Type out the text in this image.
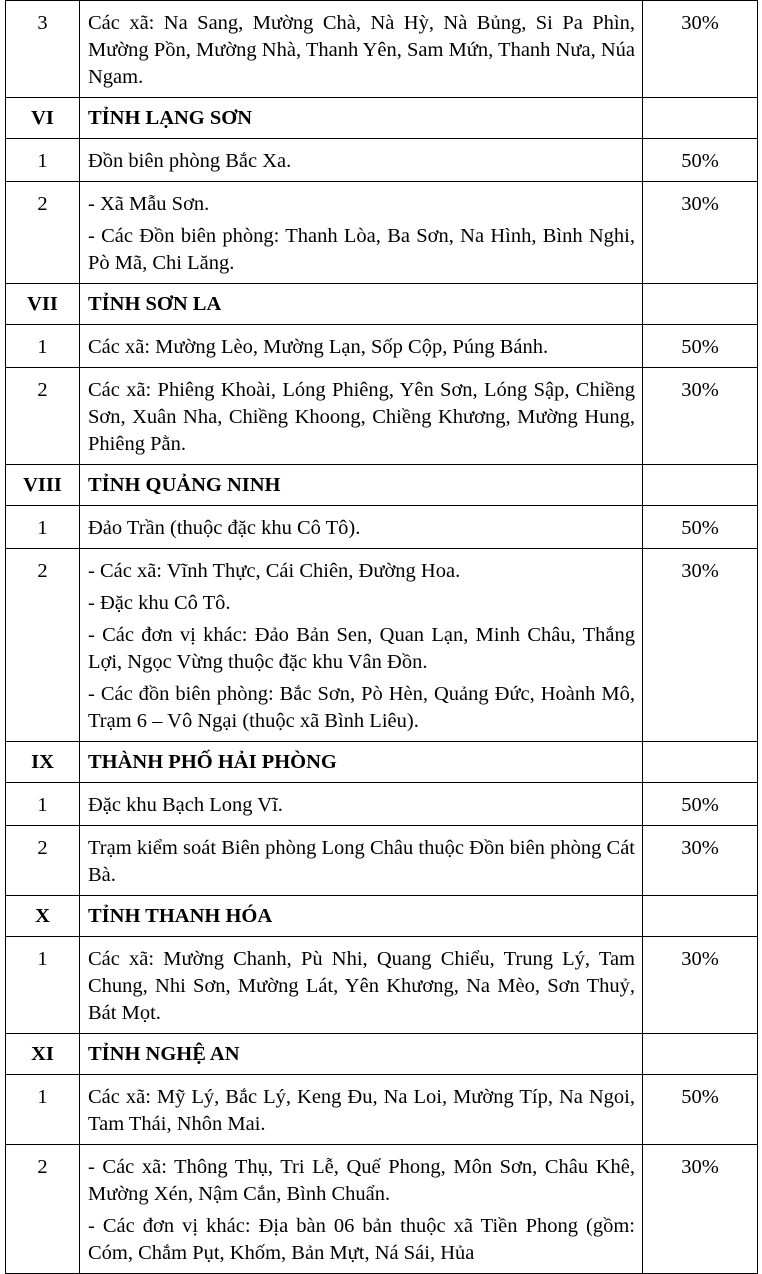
3	Các xã: Na Sang, Mường Chà, Nà Hỳ, Nà Bủng, Si Pa Phìn, Mường Pồn, Mường Nhà, Thanh Yên, Sam Mứn, Thanh Nưa, Núa Ngam.	30%
VI	TỈNH LẠNG SƠN	
1	Đồn biên phòng Bắc Xa.	50%
2	- Xã Mẫu Sơn.
- Các Đồn biên phòng: Thanh Lòa, Ba Sơn, Na Hình, Bình Nghi, Pò Mã, Chi Lăng.	30%
VII	TỈNH SƠN LA	
1	Các xã: Mường Lèo, Mường Lạn, Sốp Cộp, Púng Bánh.	50%
2	Các xã: Phiêng Khoài, Lóng Phiêng, Yên Sơn, Lóng Sập, Chiềng Sơn, Xuân Nha, Chiềng Khoong, Chiềng Khương, Mường Hung, Phiêng Pằn.	30%
VIII	TỈNH QUẢNG NINH	
1	Đảo Trần (thuộc đặc khu Cô Tô).	50%
2	- Các xã: Vĩnh Thực, Cái Chiên, Đường Hoa.
- Đặc khu Cô Tô.
- Các đơn vị khác: Đảo Bản Sen, Quan Lạn, Minh Châu, Thắng Lợi, Ngọc Vừng thuộc đặc khu Vân Đồn.
- Các đồn biên phòng: Bắc Sơn, Pò Hèn, Quảng Đức, Hoành Mô, Trạm 6 – Vô Ngại (thuộc xã Bình Liêu).	30%
IX	THÀNH PHỐ HẢI PHÒNG	
1	Đặc khu Bạch Long Vĩ.	50%
2	Trạm kiểm soát Biên phòng Long Châu thuộc Đồn biên phòng Cát Bà.	30%
X	TỈNH THANH HÓA	
1	Các xã: Mường Chanh, Pù Nhi, Quang Chiểu, Trung Lý, Tam Chung, Nhi Sơn, Mường Lát, Yên Khương, Na Mèo, Sơn Thuỷ, Bát Mọt.	30%
XI	TỈNH NGHỆ AN	
1	Các xã: Mỹ Lý, Bắc Lý, Keng Đu, Na Loi, Mường Típ, Na Ngoi, Tam Thái, Nhôn Mai.	50%
2	- Các xã: Thông Thụ, Tri Lễ, Quế Phong, Môn Sơn, Châu Khê, Mường Xén, Nậm Cắn, Bình Chuẩn.
- Các đơn vị khác: Địa bàn 06 bản thuộc xã Tiền Phong (gồm: Cóm, Chắm Pụt, Khốm, Bản Mựt, Ná Sái, Hủa	30%
